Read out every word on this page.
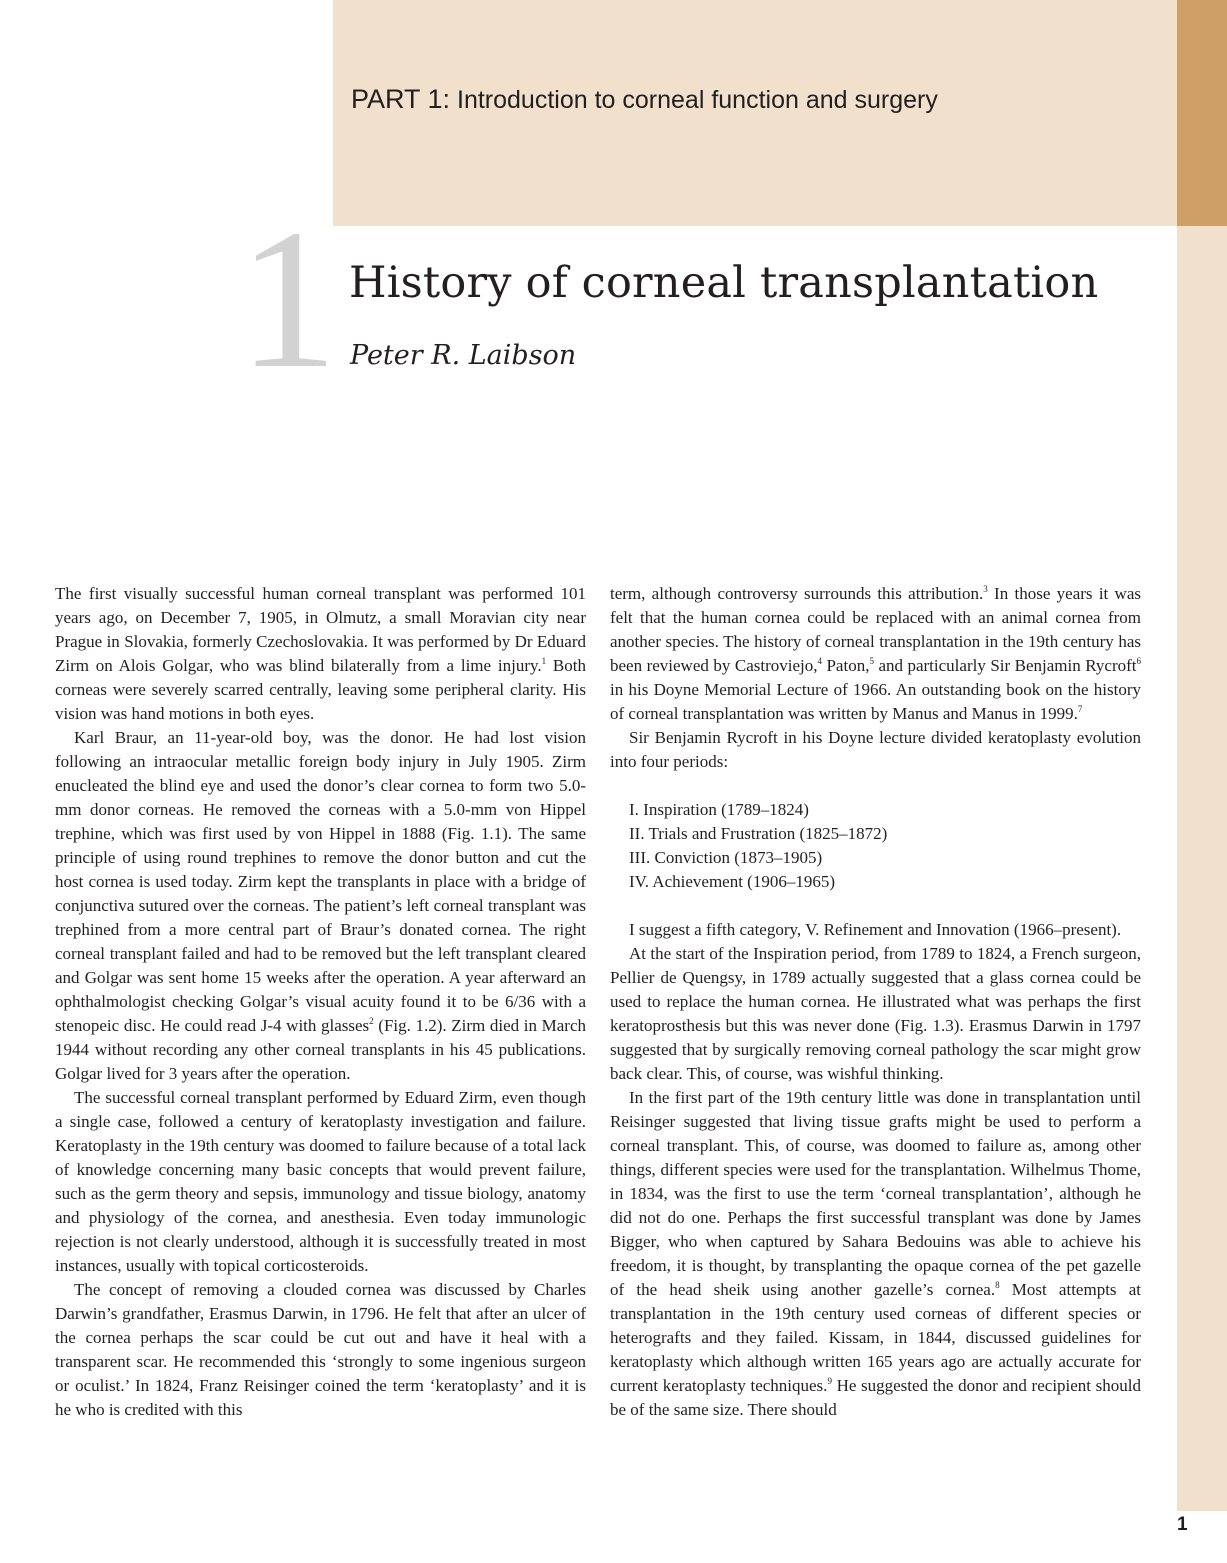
PART 1: Introduction to corneal function and surgery
1 History of corneal transplantation
Peter R. Laibson

The first visually successful human corneal transplant was performed 101 years ago, on December 7, 1905, in Olmutz, a small Moravian city near Prague in Slovakia, formerly Czechoslovakia. It was performed by Dr Eduard Zirm on Alois Golgar, who was blind bilaterally from a lime injury.$^1$ Both corneas were severely scarred centrally, leaving some peripheral clarity. His vision was hand motions in both eyes.

Karl Braur, an 11-year-old boy, was the donor. He had lost vision following an intraocular metallic foreign body injury in July 1905. Zirm enucleated the blind eye and used the donor’s clear cornea to form two 5.0-mm donor corneas. He removed the corneas with a 5.0-mm von Hippel trephine, which was first used by von Hippel in 1888 (Fig. 1.1). The same principle of using round trephines to remove the donor button and cut the host cornea is used today. Zirm kept the transplants in place with a bridge of conjunctiva sutured over the corneas. The patient’s left corneal transplant was trephined from a more central part of Braur’s donated cornea. The right corneal transplant failed and had to be removed but the left transplant cleared and Golgar was sent home 15 weeks after the operation. A year afterward an ophthalmologist checking Golgar’s visual acuity found it to be 6/36 with a stenopeic disc. He could read J-4 with glasses$^2$ (Fig. 1.2). Zirm died in March 1944 without recording any other corneal transplants in his 45 publications. Golgar lived for 3 years after the operation.

The successful corneal transplant performed by Eduard Zirm, even though a single case, followed a century of keratoplasty investigation and failure. Keratoplasty in the 19th century was doomed to failure because of a total lack of knowledge concerning many basic concepts that would prevent failure, such as the germ theory and sepsis, immunology and tissue biology, anatomy and physiology of the cornea, and anesthesia. Even today immunologic rejection is not clearly understood, although it is successfully treated in most instances, usually with topical corticosteroids.

The concept of removing a clouded cornea was discussed by Charles Darwin’s grandfather, Erasmus Darwin, in 1796. He felt that after an ulcer of the cornea perhaps the scar could be cut out and have it heal with a transparent scar. He recommended this ‘strongly to some ingenious surgeon or oculist.’ In 1824, Franz Reisinger coined the term ‘keratoplasty’ and it is he who is credited with this

term, although controversy surrounds this attribution.$^3$ In those years it was felt that the human cornea could be replaced with an animal cornea from another species. The history of corneal transplantation in the 19th century has been reviewed by Castroviejo,$^4$ Paton,$^5$ and particularly Sir Benjamin Rycroft$^6$ in his Doyne Memorial Lecture of 1966. An outstanding book on the history of corneal transplantation was written by Manus and Manus in 1999.$^7$

Sir Benjamin Rycroft in his Doyne lecture divided keratoplasty evolution into four periods:

I. Inspiration (1789–1824)
II. Trials and Frustration (1825–1872)
III. Conviction (1873–1905)
IV. Achievement (1906–1965)

I suggest a fifth category, V. Refinement and Innovation (1966–present).

At the start of the Inspiration period, from 1789 to 1824, a French surgeon, Pellier de Quengsy, in 1789 actually suggested that a glass cornea could be used to replace the human cornea. He illustrated what was perhaps the first keratoprosthesis but this was never done (Fig. 1.3). Erasmus Darwin in 1797 suggested that by surgically removing corneal pathology the scar might grow back clear. This, of course, was wishful thinking.

In the first part of the 19th century little was done in transplantation until Reisinger suggested that living tissue grafts might be used to perform a corneal transplant. This, of course, was doomed to failure as, among other things, different species were used for the transplantation. Wilhelmus Thome, in 1834, was the first to use the term ‘corneal transplantation’, although he did not do one. Perhaps the first successful transplant was done by James Bigger, who when captured by Sahara Bedouins was able to achieve his freedom, it is thought, by transplanting the opaque cornea of the pet gazelle of the head sheik using another gazelle’s cornea.$^8$ Most attempts at transplantation in the 19th century used corneas of different species or heterografts and they failed. Kissam, in 1844, discussed guidelines for keratoplasty which although written 165 years ago are actually accurate for current keratoplasty techniques.$^9$ He suggested the donor and recipient should be of the same size. There should

1
